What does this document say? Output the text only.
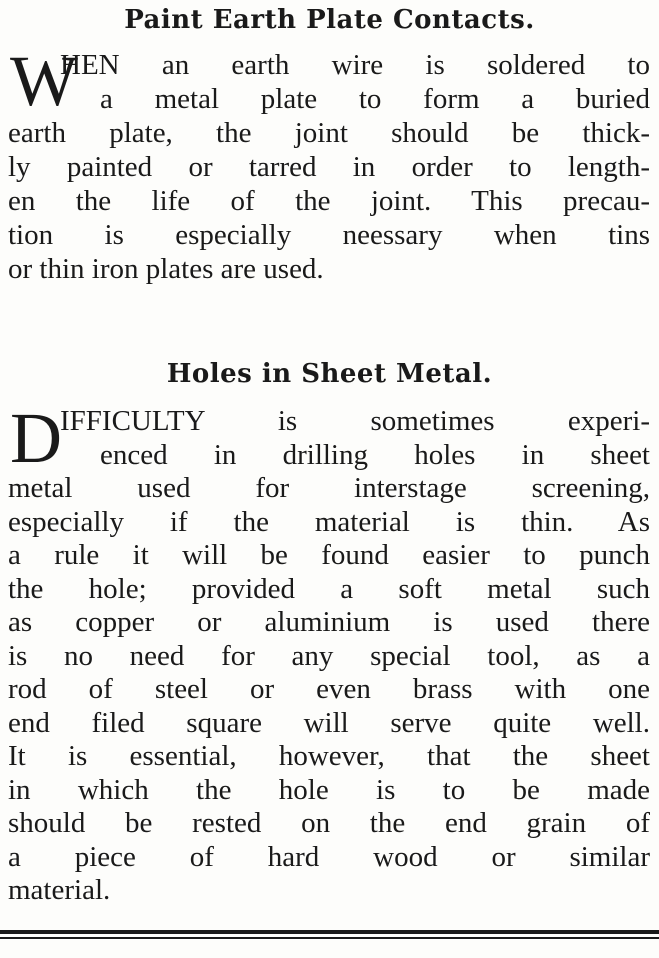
Paint Earth Plate Contacts.
W
HEN an earth wire is soldered to
a metal plate to form a buried
earth plate, the joint should be thick-
ly painted or tarred in order to length-
en the life of the joint. This precau-
tion is especially neessary when tins
or thin iron plates are used.
Holes in Sheet Metal.
D
IFFICULTY is sometimes experi-
enced in drilling holes in sheet
metal used for interstage screening,
especially if the material is thin. As
a rule it will be found easier to punch
the hole; provided a soft metal such
as copper or aluminium is used there
is no need for any special tool, as a
rod of steel or even brass with one
end filed square will serve quite well.
It is essential, however, that the sheet
in which the hole is to be made
should be rested on the end grain of
a piece of hard wood or similar
material.
